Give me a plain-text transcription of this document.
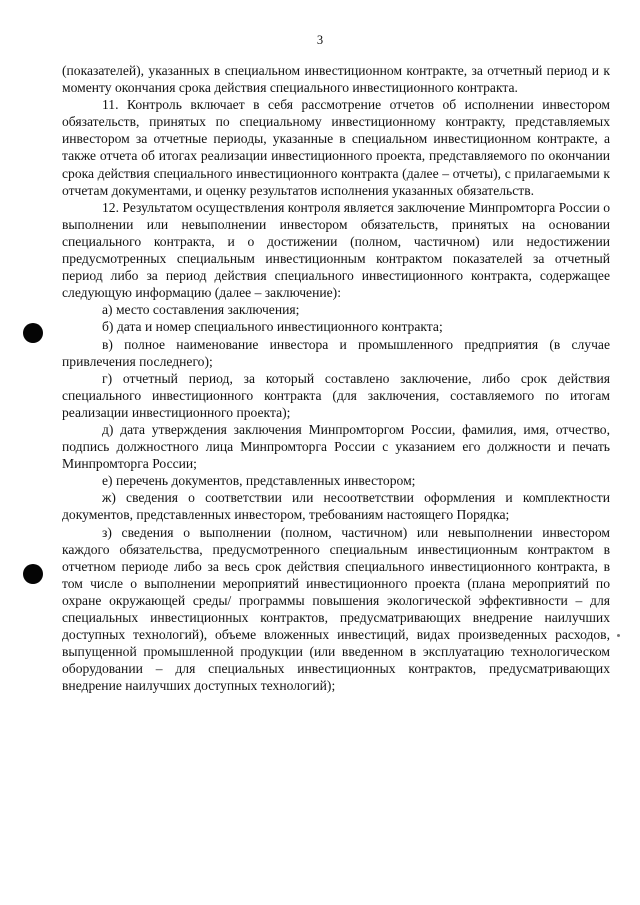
3

(показателей), указанных в специальном инвестиционном контракте, за отчетный период и к моменту окончания срока действия специального инвестиционного контракта.

11. Контроль включает в себя рассмотрение отчетов об исполнении инвестором обязательств, принятых по специальному инвестиционному контракту, представляемых инвестором за отчетные периоды, указанные в специальном инвестиционном контракте, а также отчета об итогах реализации инвестиционного проекта, представляемого по окончании срока действия специального инвестиционного контракта (далее – отчеты), с прилагаемыми к отчетам документами, и оценку результатов исполнения указанных обязательств.

12. Результатом осуществления контроля является заключение Минпромторга России о выполнении или невыполнении инвестором обязательств, принятых на основании специального контракта, и о достижении (полном, частичном) или недостижении предусмотренных специальным инвестиционным контрактом показателей за отчетный период либо за период действия специального инвестиционного контракта, содержащее следующую информацию (далее – заключение):

а) место составления заключения;

б) дата и номер специального инвестиционного контракта;

в) полное наименование инвестора и промышленного предприятия (в случае привлечения последнего);

г) отчетный период, за который составлено заключение, либо срок действия специального инвестиционного контракта (для заключения, составляемого по итогам реализации инвестиционного проекта);

д) дата утверждения заключения Минпромторгом России, фамилия, имя, отчество, подпись должностного лица Минпромторга России с указанием его должности и печать Минпромторга России;

е) перечень документов, представленных инвестором;

ж) сведения о соответствии или несоответствии оформления и комплектности документов, представленных инвестором, требованиям настоящего Порядка;

з) сведения о выполнении (полном, частичном) или невыполнении инвестором каждого обязательства, предусмотренного специальным инвестиционным контрактом в отчетном периоде либо за весь срок действия специального инвестиционного контракта, в том числе о выполнении мероприятий инвестиционного проекта (плана мероприятий по охране окружающей среды/ программы повышения экологической эффективности – для специальных инвестиционных контрактов, предусматривающих внедрение наилучших доступных технологий), объеме вложенных инвестиций, видах произведенных расходов, выпущенной промышленной продукции (или введенном в эксплуатацию технологическом оборудовании – для специальных инвестиционных контрактов, предусматривающих внедрение наилучших доступных технологий);
